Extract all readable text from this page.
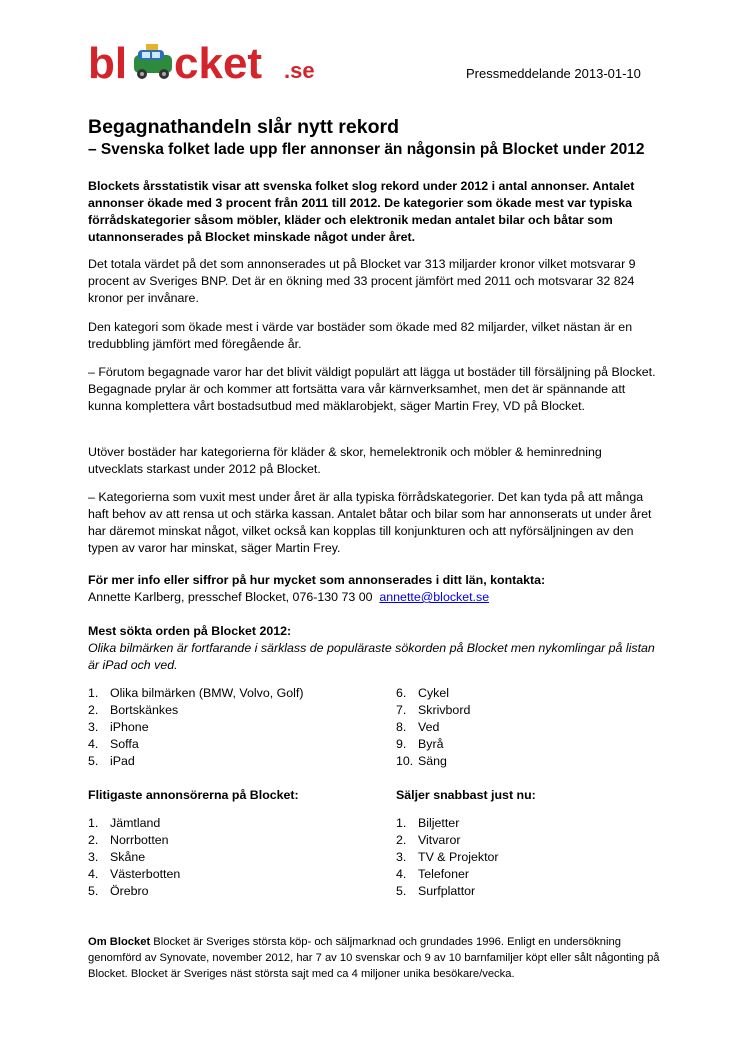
bl cket .se	Pressmeddelande 2013-01-10
Begagnathandeln slår nytt rekord
– Svenska folket lade upp fler annonser än någonsin på Blocket under 2012
Blockets årsstatistik visar att svenska folket slog rekord under 2012 i antal annonser. Antalet annonser ökade med 3 procent från 2011 till 2012. De kategorier som ökade mest var typiska förrådskategorier såsom möbler, kläder och elektronik medan antalet bilar och båtar som utannonserades på Blocket minskade något under året.
Det totala värdet på det som annonserades ut på Blocket var 313 miljarder kronor vilket motsvarar 9 procent av Sveriges BNP. Det är en ökning med 33 procent jämfört med 2011 och motsvarar 32 824 kronor per invånare.
Den kategori som ökade mest i värde var bostäder som ökade med 82 miljarder, vilket nästan är en tredubbling jämfört med föregående år.
– Förutom begagnade varor har det blivit väldigt populärt att lägga ut bostäder till försäljning på Blocket. Begagnade prylar är och kommer att fortsätta vara vår kärnverksamhet, men det är spännande att kunna komplettera vårt bostadsutbud med mäklarobjekt, säger Martin Frey, VD på Blocket.
Utöver bostäder har kategorierna för kläder & skor, hemelektronik och möbler & heminredning utvecklats starkast under 2012 på Blocket.
– Kategorierna som vuxit mest under året är alla typiska förrådskategorier. Det kan tyda på att många haft behov av att rensa ut och stärka kassan. Antalet båtar och bilar som har annonserats ut under året har däremot minskat något, vilket också kan kopplas till konjunkturen och att nyförsäljningen av den typen av varor har minskat, säger Martin Frey.
För mer info eller siffror på hur mycket som annonserades i ditt län, kontakta:
Annette Karlberg, presschef Blocket, 076-130 73 00 annette@blocket.se
Mest sökta orden på Blocket 2012:
Olika bilmärken är fortfarande i särklass de populäraste sökorden på Blocket men nykomlingar på listan är iPad och ved.
1. Olika bilmärken (BMW, Volvo, Golf)
2. Bortskänkes
3. iPhone
4. Soffa
5. iPad
6. Cykel
7. Skrivbord
8. Ved
9. Byrå
10. Säng
Flitigaste annonsörerna på Blocket:	Säljer snabbast just nu:
1. Jämtland
2. Norrbotten
3. Skåne
4. Västerbotten
5. Örebro
1. Biljetter
2. Vitvaror
3. TV & Projektor
4. Telefoner
5. Surfplattor
Om Blocket Blocket är Sveriges största köp- och säljmarknad och grundades 1996. Enligt en undersökning genomförd av Synovate, november 2012, har 7 av 10 svenskar och 9 av 10 barnfamiljer köpt eller sålt någonting på Blocket. Blocket är Sveriges näst största sajt med ca 4 miljoner unika besökare/vecka.
